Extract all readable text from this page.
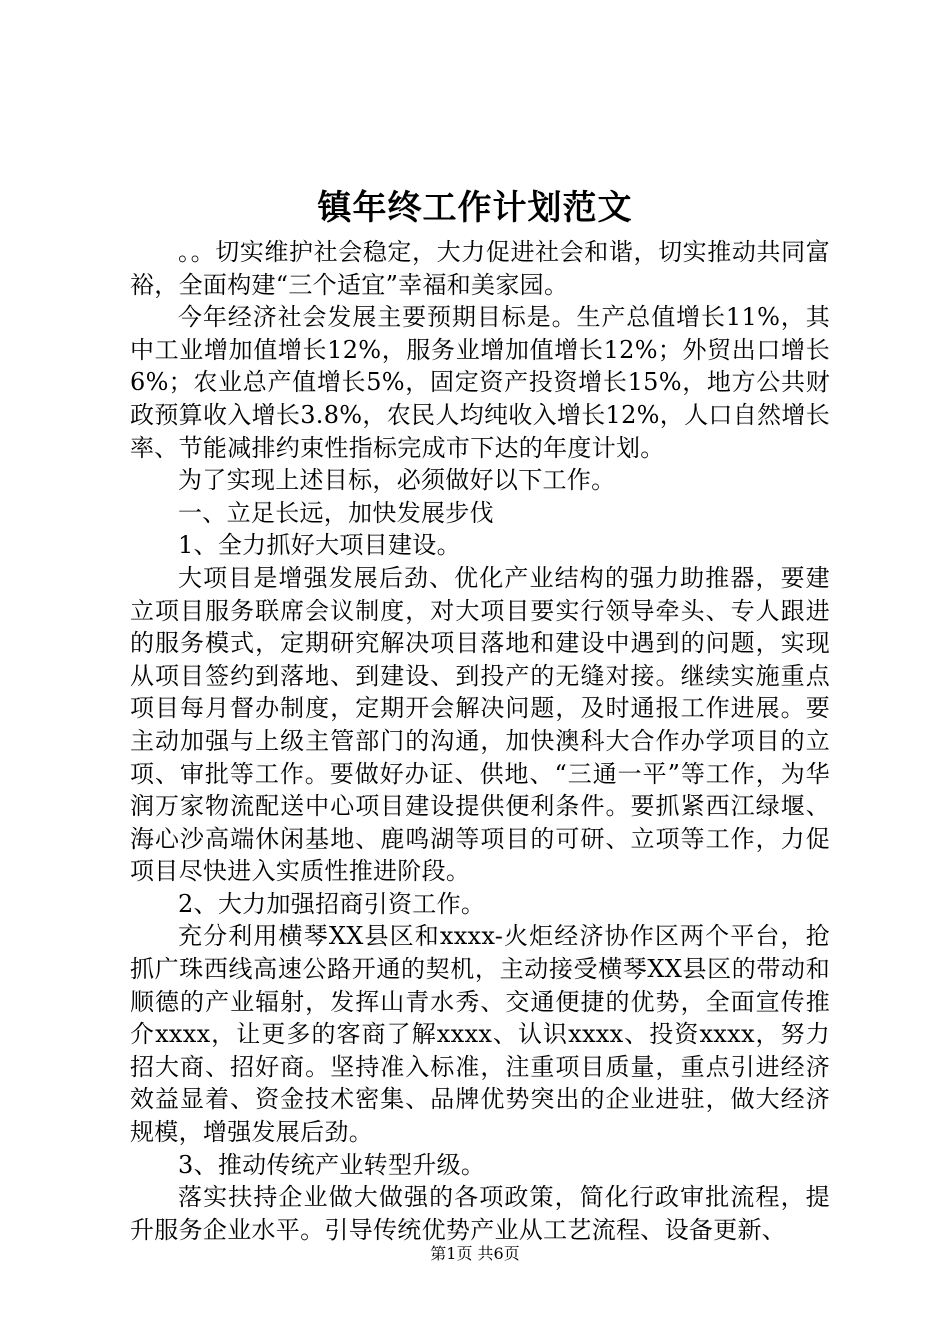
镇年终工作计划范文

。。切实维护社会稳定，大力促进社会和谐，切实推动共同富裕，全面构建“三个适宜”幸福和美家园。

今年经济社会发展主要预期目标是。生产总值增长11%，其中工业增加值增长12%，服务业增加值增长12%；外贸出口增长6%；农业总产值增长5%，固定资产投资增长15%，地方公共财政预算收入增长3.8%，农民人均纯收入增长12%，人口自然增长率、节能减排约束性指标完成市下达的年度计划。

为了实现上述目标，必须做好以下工作。

一、立足长远，加快发展步伐

1、全力抓好大项目建设。

大项目是增强发展后劲、优化产业结构的强力助推器，要建立项目服务联席会议制度，对大项目要实行领导牵头、专人跟进的服务模式，定期研究解决项目落地和建设中遇到的问题，实现从项目签约到落地、到建设、到投产的无缝对接。继续实施重点项目每月督办制度，定期开会解决问题，及时通报工作进展。要主动加强与上级主管部门的沟通，加快澳科大合作办学项目的立项、审批等工作。要做好办证、供地、“三通一平”等工作，为华润万家物流配送中心项目建设提供便利条件。要抓紧西江绿堰、海心沙高端休闲基地、鹿鸣湖等项目的可研、立项等工作，力促项目尽快进入实质性推进阶段。

2、大力加强招商引资工作。

充分利用横琴XX县区和xxxx-火炬经济协作区两个平台，抢抓广珠西线高速公路开通的契机，主动接受横琴XX县区的带动和顺德的产业辐射，发挥山青水秀、交通便捷的优势，全面宣传推介xxxx，让更多的客商了解xxxx、认识xxxx、投资xxxx，努力招大商、招好商。坚持准入标准，注重项目质量，重点引进经济效益显着、资金技术密集、品牌优势突出的企业进驻，做大经济规模，增强发展后劲。

3、推动传统产业转型升级。

落实扶持企业做大做强的各项政策，简化行政审批流程，提升服务企业水平。引导传统优势产业从工艺流程、设备更新、

第1页 共6页
